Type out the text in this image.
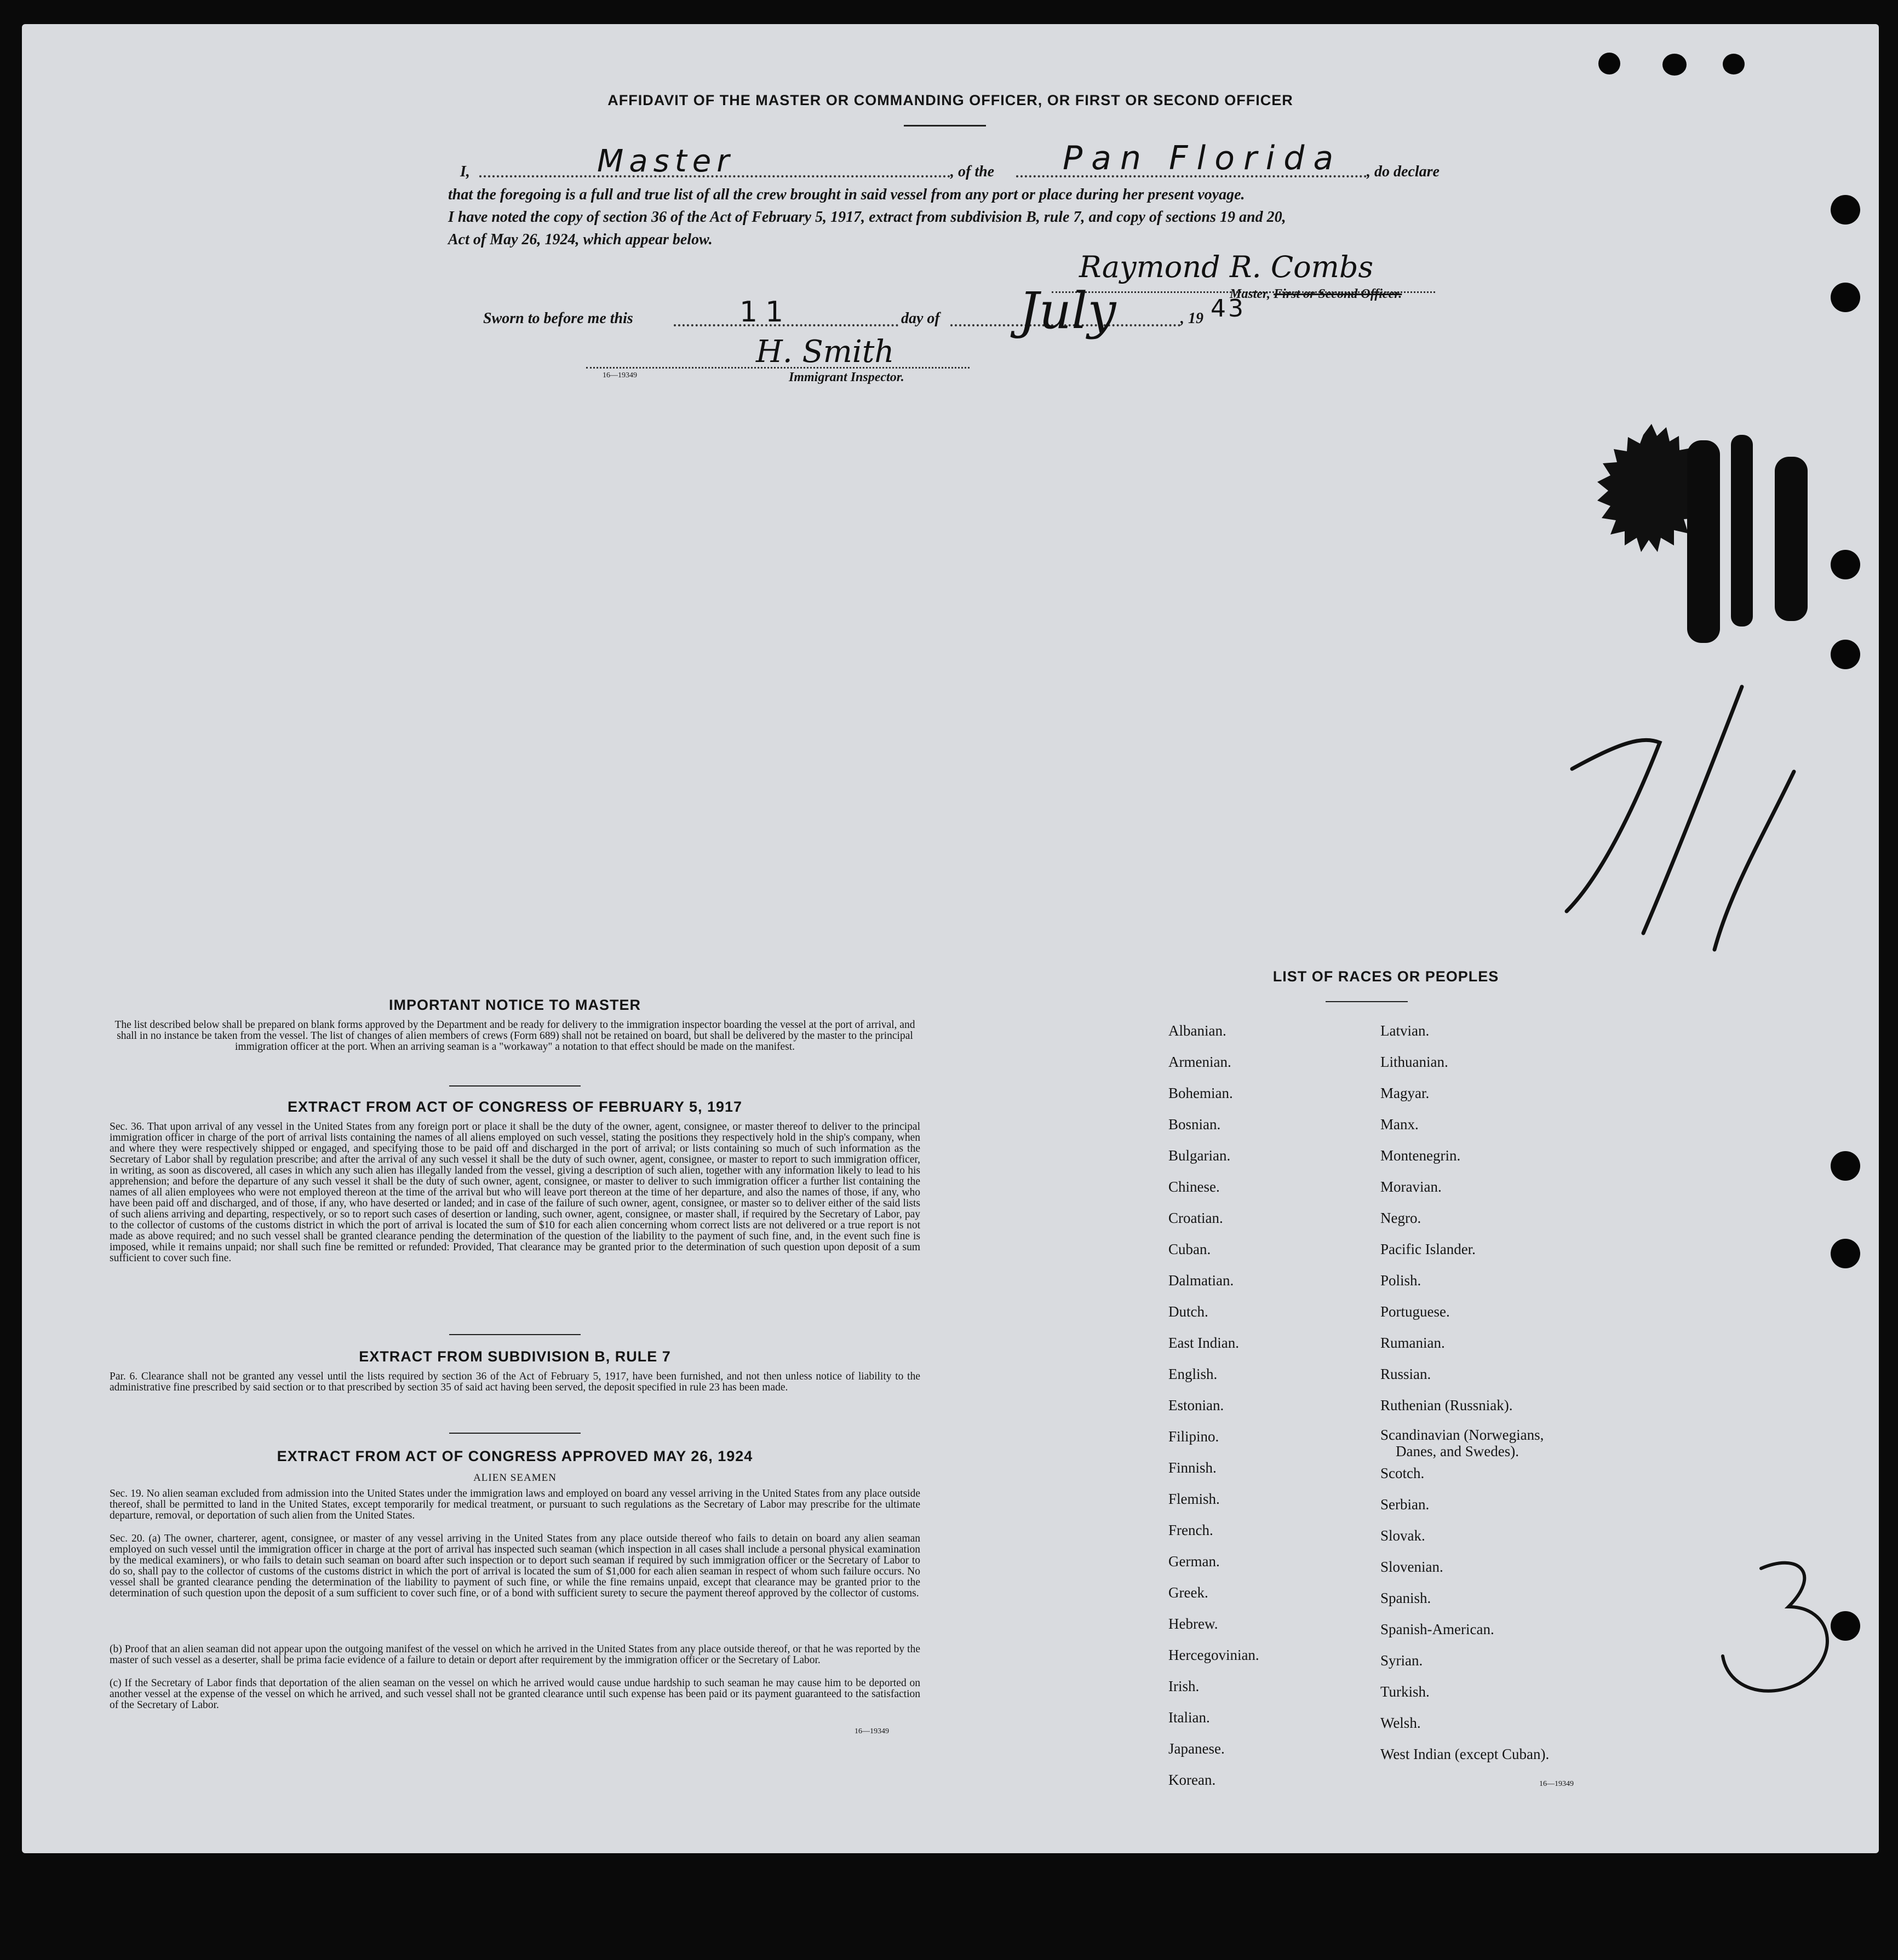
AFFIDAVIT OF THE MASTER OR COMMANDING OFFICER, OR FIRST OR SECOND OFFICER
I,	Master	, of the Pan Florida , do declare
that the foregoing is a full and true list of all the crew brought in said vessel from any port or place during her present voyage.
I have noted the copy of section 36 of the Act of February 5, 1917, extract from subdivision B, rule 7, and copy of sections 19 and 20,
Act of May 26, 1924, which appear below.
Raymond R. Combs
Master, First or Second Officer.
Sworn to before me this	11	day of July	, 19 43
16—19349
H. Smith
Immigrant Inspector.
IMPORTANT NOTICE TO MASTER

The list described below shall be prepared on blank forms approved by the Department and be ready for delivery to the immigration inspector boarding the vessel at the port of arrival, and shall in no instance be taken from the vessel. The list of changes of alien members of crews (Form 689) shall not be retained on board, but shall be delivered by the master to the principal immigration officer at the port. When an arriving seaman is a "workaway" a notation to that effect should be made on the manifest.

EXTRACT FROM ACT OF CONGRESS OF FEBRUARY 5, 1917

Sec. 36. That upon arrival of any vessel in the United States from any foreign port or place it shall be the duty of the owner, agent, consignee, or master thereof to deliver to the principal immigration officer in charge of the port of arrival lists containing the names of all aliens employed on such vessel, stating the positions they respectively hold in the ship's company, when and where they were respectively shipped or engaged, and specifying those to be paid off and discharged in the port of arrival; or lists containing so much of such information as the Secretary of Labor shall by regulation prescribe; and after the arrival of any such vessel it shall be the duty of such owner, agent, consignee, or master to report to such immigration officer, in writing, as soon as discovered, all cases in which any such alien has illegally landed from the vessel, giving a description of such alien, together with any information likely to lead to his apprehension; and before the departure of any such vessel it shall be the duty of such owner, agent, consignee, or master to deliver to such immigration officer a further list containing the names of all alien employees who were not employed thereon at the time of the arrival but who will leave port thereon at the time of her departure, and also the names of those, if any, who have been paid off and discharged, and of those, if any, who have deserted or landed; and in case of the failure of such owner, agent, consignee, or master so to deliver either of the said lists of such aliens arriving and departing, respectively, or so to report such cases of desertion or landing, such owner, agent, consignee, or master shall, if required by the Secretary of Labor, pay to the collector of customs of the customs district in which the port of arrival is located the sum of $10 for each alien concerning whom correct lists are not delivered or a true report is not made as above required; and no such vessel shall be granted clearance pending the determination of the question of the liability to the payment of such fine, and, in the event such fine is imposed, while it remains unpaid; nor shall such fine be remitted or refunded: Provided, That clearance may be granted prior to the determination of such question upon deposit of a sum sufficient to cover such fine.

EXTRACT FROM SUBDIVISION B, RULE 7

Par. 6. Clearance shall not be granted any vessel until the lists required by section 36 of the Act of February 5, 1917, have been furnished, and not then unless notice of liability to the administrative fine prescribed by said section or to that prescribed by section 35 of said act having been served, the deposit specified in rule 23 has been made.

EXTRACT FROM ACT OF CONGRESS APPROVED MAY 26, 1924
ALIEN SEAMEN

Sec. 19. No alien seaman excluded from admission into the United States under the immigration laws and employed on board any vessel arriving in the United States from any place outside thereof, shall be permitted to land in the United States, except temporarily for medical treatment, or pursuant to such regulations as the Secretary of Labor may prescribe for the ultimate departure, removal, or deportation of such alien from the United States.

Sec. 20. (a) The owner, charterer, agent, consignee, or master of any vessel arriving in the United States from any place outside thereof who fails to detain on board any alien seaman employed on such vessel until the immigration officer in charge at the port of arrival has inspected such seaman (which inspection in all cases shall include a personal physical examination by the medical examiners), or who fails to detain such seaman on board after such inspection or to deport such seaman if required by such immigration officer or the Secretary of Labor to do so, shall pay to the collector of customs of the customs district in which the port of arrival is located the sum of $1,000 for each alien seaman in respect of whom such failure occurs. No vessel shall be granted clearance pending the determination of the liability to payment of such fine, or while the fine remains unpaid, except that clearance may be granted prior to the determination of such question upon the deposit of a sum sufficient to cover such fine, or of a bond with sufficient surety to secure the payment thereof approved by the collector of customs.

(b) Proof that an alien seaman did not appear upon the outgoing manifest of the vessel on which he arrived in the United States from any place outside thereof, or that he was reported by the master of such vessel as a deserter, shall be prima facie evidence of a failure to detain or deport after requirement by the immigration officer or the Secretary of Labor.

(c) If the Secretary of Labor finds that deportation of the alien seaman on the vessel on which he arrived would cause undue hardship to such seaman he may cause him to be deported on another vessel at the expense of the vessel on which he arrived, and such vessel shall not be granted clearance until such expense has been paid or its payment guaranteed to the satisfaction of the Secretary of Labor.

16—19349
LIST OF RACES OR PEOPLES
Albanian.
Armenian.
Bohemian.
Bosnian.
Bulgarian.
Chinese.
Croatian.
Cuban.
Dalmatian.
Dutch.
East Indian.
English.
Estonian.
Filipino.
Finnish.
Flemish.
French.
German.
Greek.
Hebrew.
Hercegovinian.
Irish.
Italian.
Japanese.
Korean.
Latvian.
Lithuanian.
Magyar.
Manx.
Montenegrin.
Moravian.
Negro.
Pacific Islander.
Polish.
Portuguese.
Rumanian.
Russian.
Ruthenian (Russniak).
Scandinavian (Norwegians,
Danes, and Swedes).
Scotch.
Serbian.
Slovak.
Slovenian.
Spanish.
Spanish-American.
Syrian.
Turkish.
Welsh.
West Indian (except Cuban).
16—19349
